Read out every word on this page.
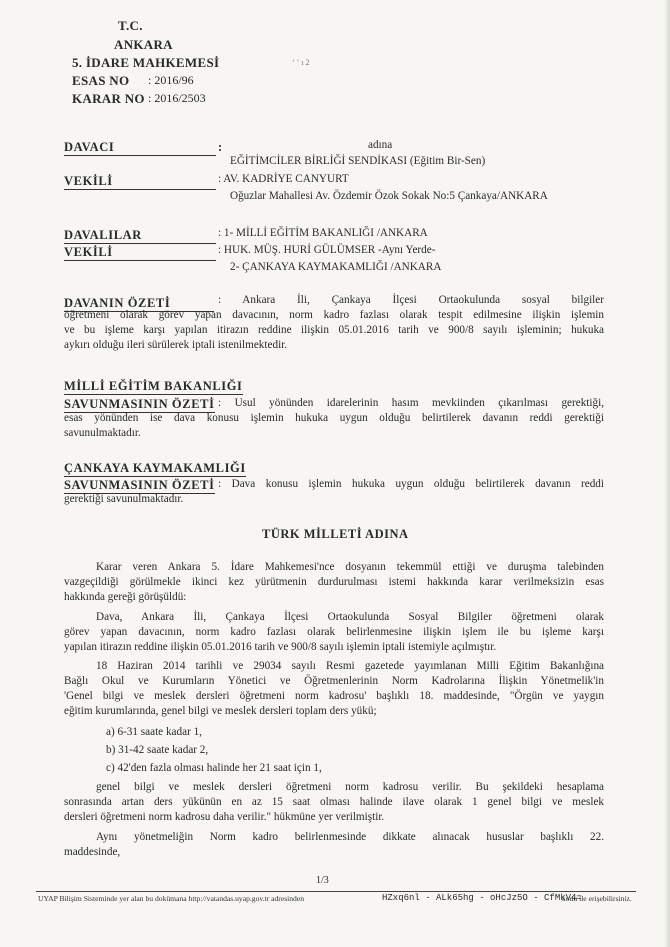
T.C.
ANKARA
5. İDARE MAHKEMESİ	ʻ ʼ ı 2
ESAS NO : 2016/96
KARAR NO : 2016/2503
DAVACI	:	adına
EĞİTİMCİLER BİRLİĞİ SENDİKASI (Eğitim Bir-Sen)
VEKİLİ	: AV. KADRİYE CANYURT
Oğuzlar Mahallesi Av. Özdemir Özok Sokak No:5 Çankaya/ANKARA
DAVALILAR	: 1- MİLLİ EĞİTİM BAKANLIĞI /ANKARA
VEKİLİ	: HUK. MÜŞ. HURİ GÜLÜMSER -Aynı Yerde-
2- ÇANKAYA KAYMAKAMLIĞI /ANKARA
DAVANIN ÖZETİ	: Ankara İli, Çankaya İlçesi Ortaokulunda sosyal bilgiler
öğretmeni olarak görev yapan davacının, norm kadro fazlası olarak tespit edilmesine ilişkin işlemin
ve bu işleme karşı yapılan itirazın reddine ilişkin 05.01.2016 tarih ve 900/8 sayılı işleminin; hukuka
aykırı olduğu ileri sürülerek iptali istenilmektedir.
MİLLİ EĞİTİM BAKANLIĞI
SAVUNMASININ ÖZETİ : Usul yönünden idarelerinin hasım mevkiinden çıkarılması gerektiği,
esas yönünden ise dava konusu işlemin hukuka uygun olduğu belirtilerek davanın reddi gerektiği
savunulmaktadır.
ÇANKAYA KAYMAKAMLIĞI
SAVUNMASININ ÖZETİ : Dava konusu işlemin hukuka uygun olduğu belirtilerek davanın reddi
gerektiği savunulmaktadır.
TÜRK MİLLETİ ADINA
Karar veren Ankara 5. İdare Mahkemesi'nce dosyanın tekemmül ettiği ve duruşma talebinden
vazgeçildiği görülmekle ikinci kez yürütmenin durdurulması istemi hakkında karar verilmeksizin esas
hakkında gereği görüşüldü:
Dava, Ankara İli, Çankaya İlçesi Ortaokulunda Sosyal Bilgiler öğretmeni olarak
görev yapan davacının, norm kadro fazlası olarak belirlenmesine ilişkin işlem ile bu işleme karşı
yapılan itirazın reddine ilişkin 05.01.2016 tarih ve 900/8 sayılı işlemin iptali istemiyle açılmıştır.
18 Haziran 2014 tarihli ve 29034 sayılı Resmi gazetede yayımlanan Milli Eğitim Bakanlığına
Bağlı Okul ve Kurumların Yönetici ve Öğretmenlerinin Norm Kadrolarına İlişkin Yönetmelik'in
'Genel bilgi ve meslek dersleri öğretmeni norm kadrosu' başlıklı 18. maddesinde, "Örgün ve yaygın
eğitim kurumlarında, genel bilgi ve meslek dersleri toplam ders yükü;
a) 6-31 saate kadar 1,
b) 31-42 saate kadar 2,
c) 42'den fazla olması halinde her 21 saat için 1,
genel bilgi ve meslek dersleri öğretmeni norm kadrosu verilir. Bu şekildeki hesaplama
sonrasında artan ders yükünün en az 15 saat olması halinde ilave olarak 1 genel bilgi ve meslek
dersleri öğretmeni norm kadrosu daha verilir." hükmüne yer verilmiştir.
Aynı yönetmeliğin Norm kadro belirlenmesinde dikkate alınacak hususlar başlıklı 22.
maddesinde,
1/3
UYAP Bilişim Sisteminde yer alan bu dokümana http://vatandas.uyap.gov.tr adresinden	HZxq6nl - ALk65hg - oHcJz5O - CfMkV4=
kodu ile erişebilirsiniz.
